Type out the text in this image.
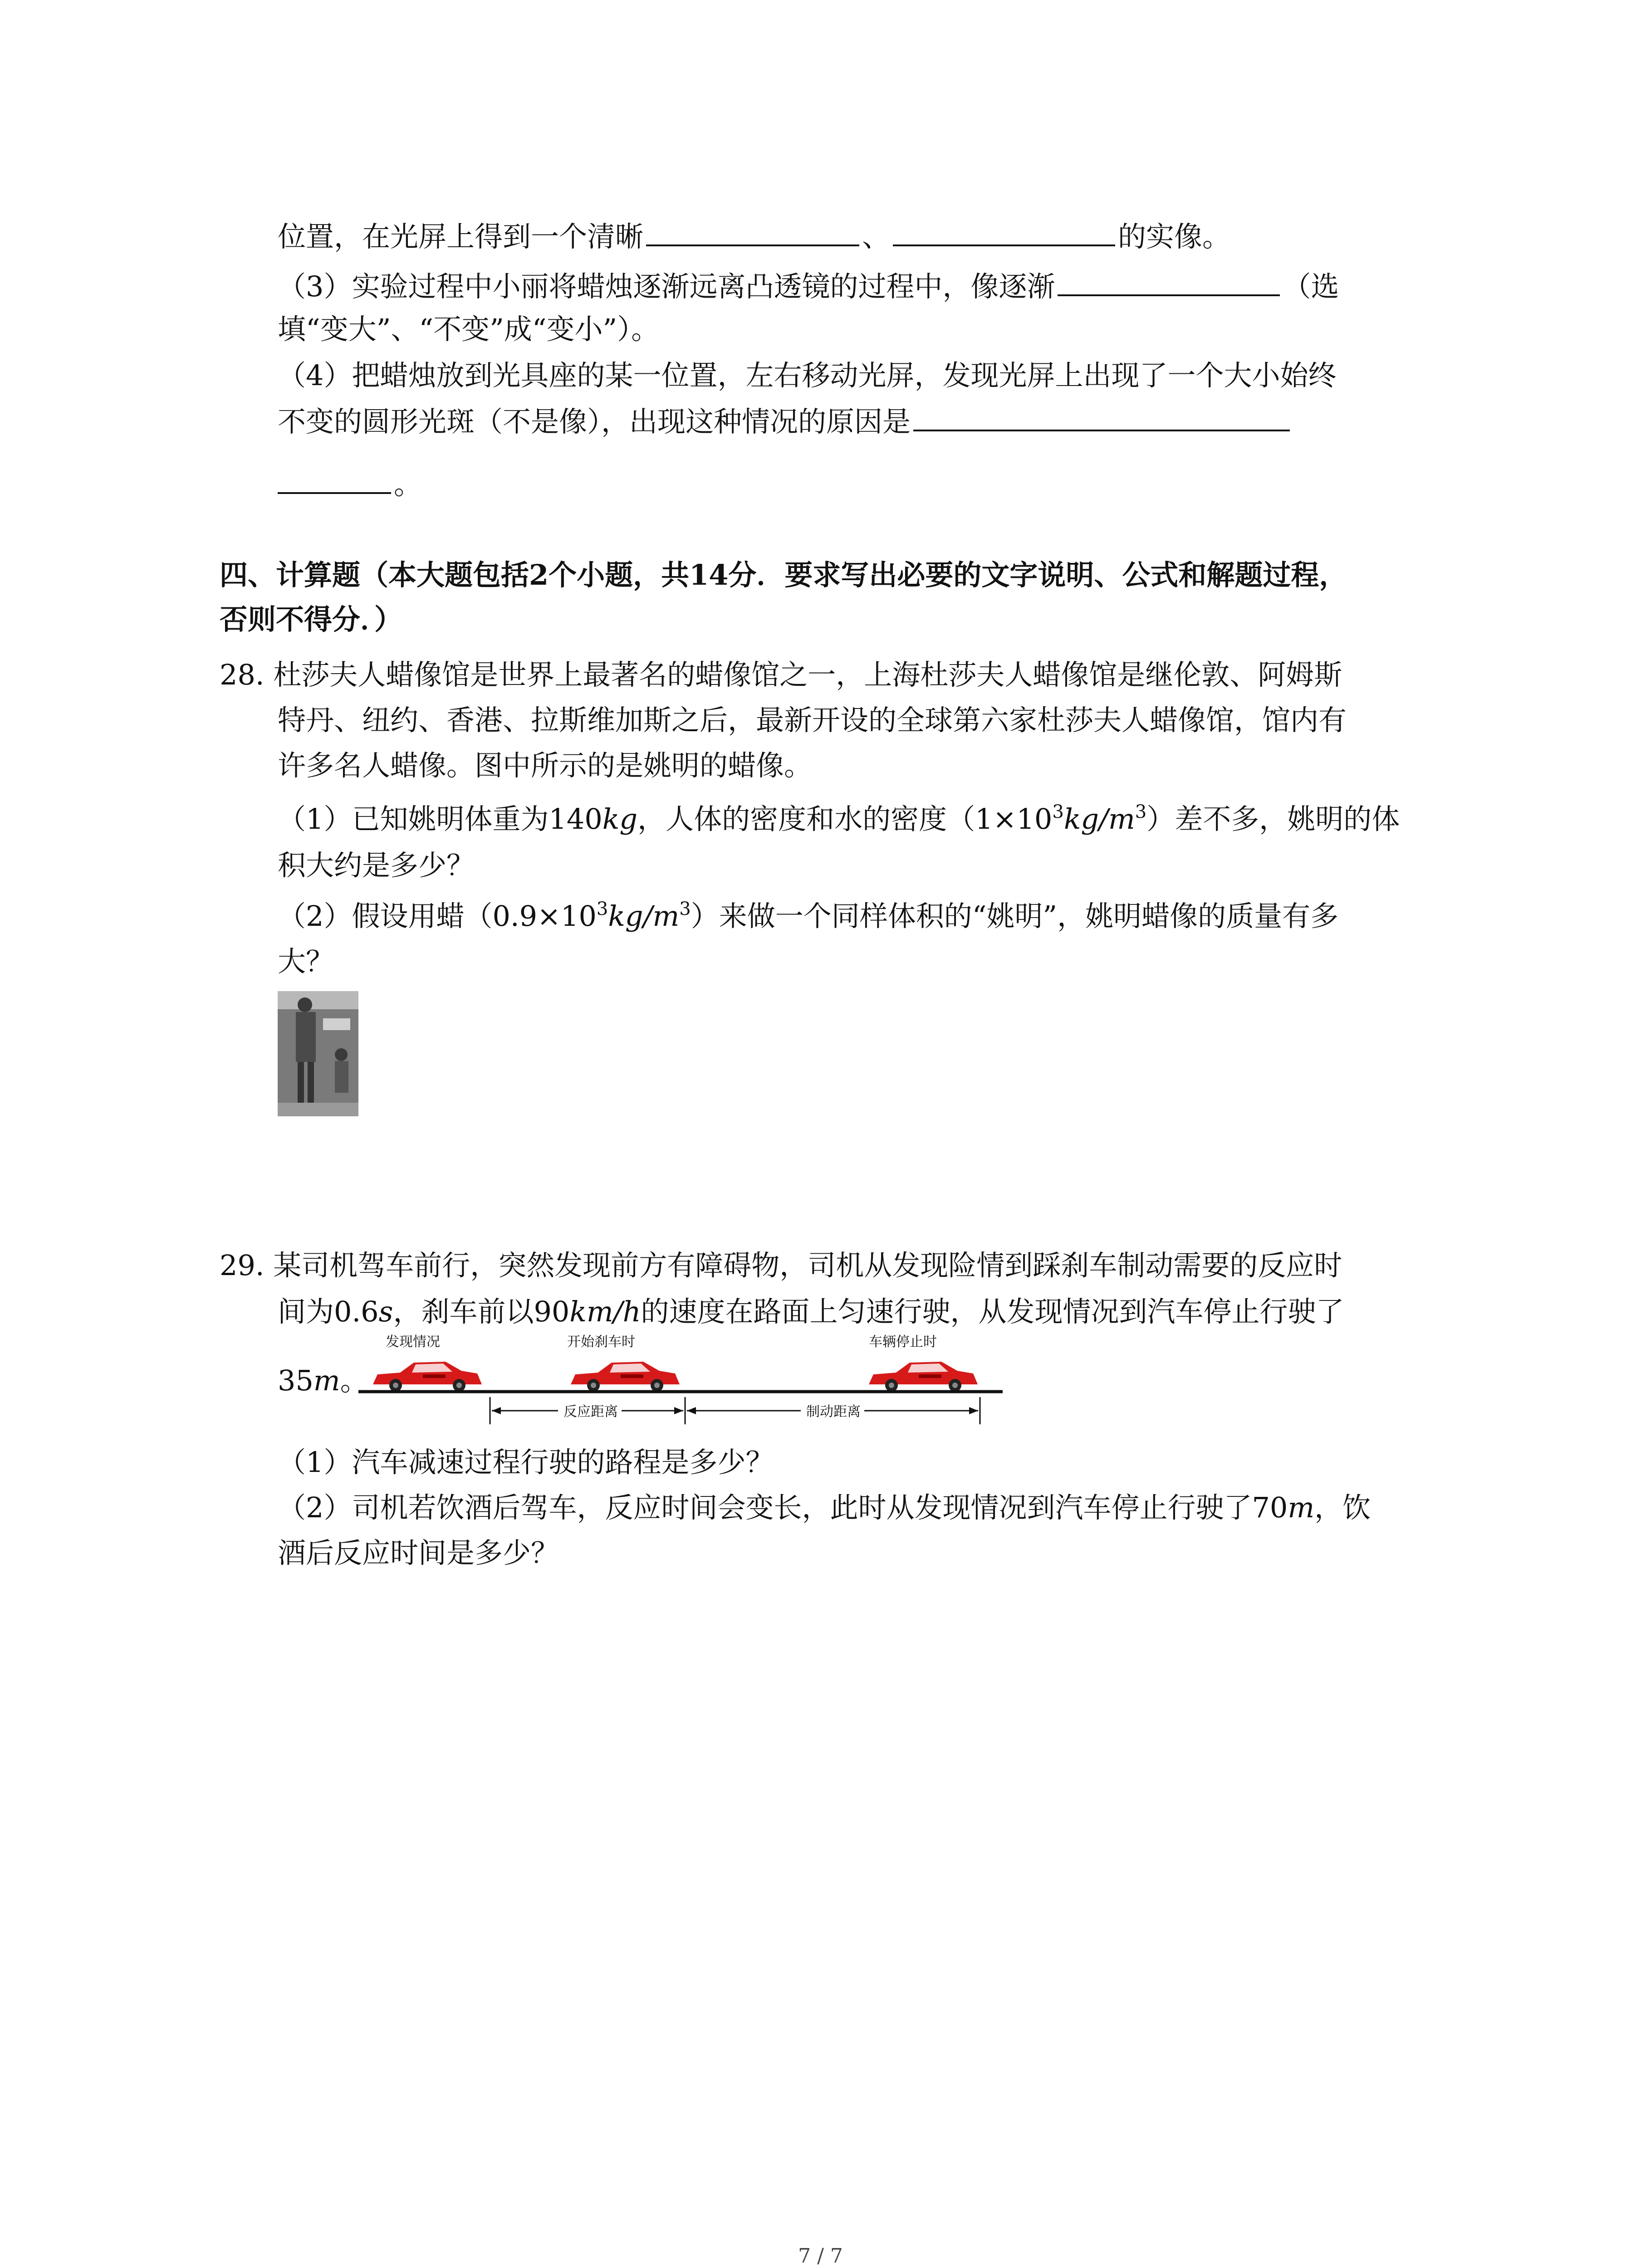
位置，在光屏上得到一个清晰	、	的实像。
（3）实验过程中小丽将蜡烛逐渐远离凸透镜的过程中，像逐渐	（选
填“变大”、“不变”成“变小”）。
（4）把蜡烛放到光具座的某一位置，左右移动光屏，发现光屏上出现了一个大小始终
不变的圆形光斑（不是像），出现这种情况的原因是
。
四、计算题（本大题包括2个小题，共14分．要求写出必要的文字说明、公式和解题过程，
否则不得分．）
28. 杜莎夫人蜡像馆是世界上最著名的蜡像馆之一，上海杜莎夫人蜡像馆是继伦敦、阿姆斯
特丹、纽约、香港、拉斯维加斯之后，最新开设的全球第六家杜莎夫人蜡像馆，馆内有
许多名人蜡像。图中所示的是姚明的蜡像。
（1）已知姚明体重为140kg，人体的密度和水的密度$(1\times 10^3kg/m^3)$差不多，姚明的体
积大约是多少？
（2）假设用蜡$(0.9\times 10^3kg/m^3)$来做一个同样体积的“姚明”，姚明蜡像的质量有多
大？
29. 某司机驾车前行，突然发现前方有障碍物，司机从发现险情到踩刹车制动需要的反应时
间为0.6s，刹车前以90km/h的速度在路面上匀速行驶，从发现情况到汽车停止行驶了
35m。
发现情况	开始刹车时	车辆停止时
反应距离	制动距离
（1）汽车减速过程行驶的路程是多少？
（2）司机若饮酒后驾车，反应时间会变长，此时从发现情况到汽车停止行驶了70m，饮
酒后反应时间是多少？
7 / 7
